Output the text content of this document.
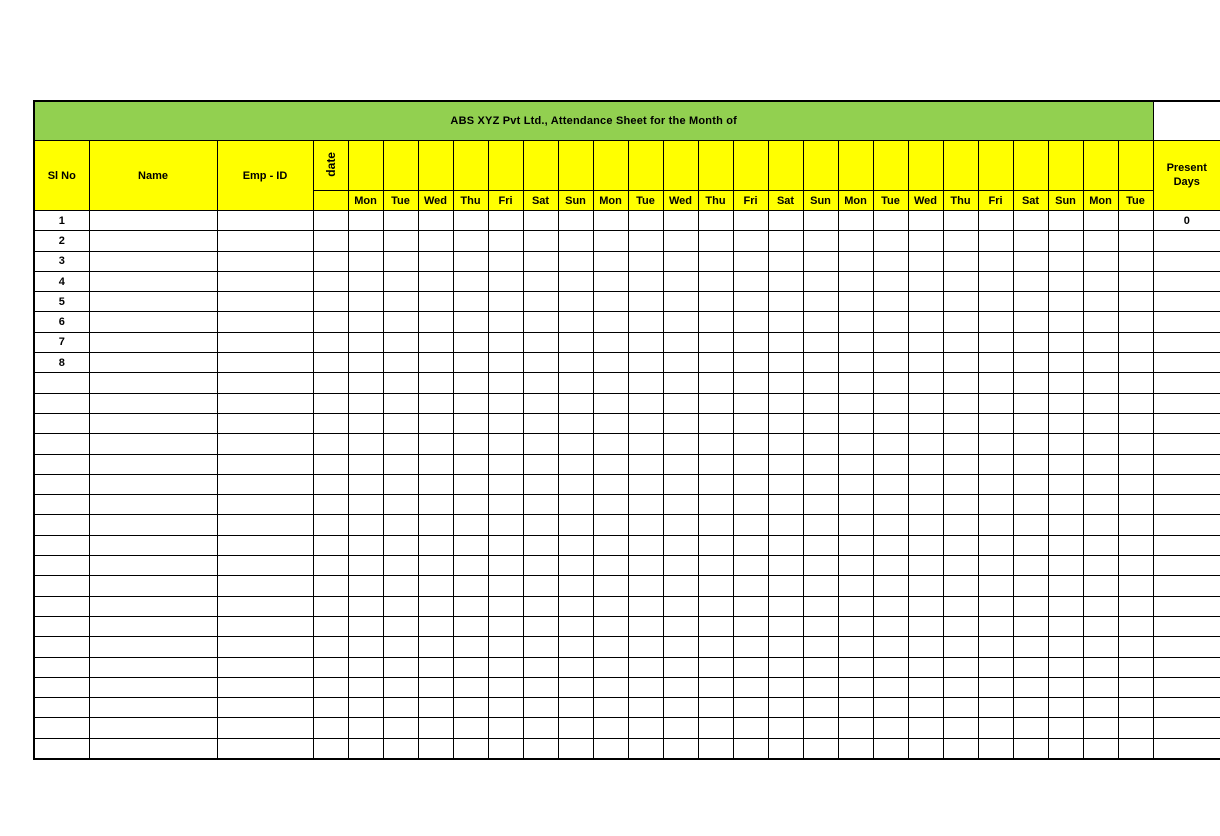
ABS XYZ Pvt Ltd., Attendance Sheet for the Month of																											
Sl No	Name	Emp - ID	date																								Present
Days
				Mon	Tue	Wed	Thu	Fri	Sat	Sun	Mon	Tue	Wed	Thu	Fri	Sat	Sun	Mon	Tue	Wed	Thu	Fri	Sat	Sun	Mon	Tue	
1																											0
2																											
3																											
4																											
5																											
6																											
7																											
8																											
